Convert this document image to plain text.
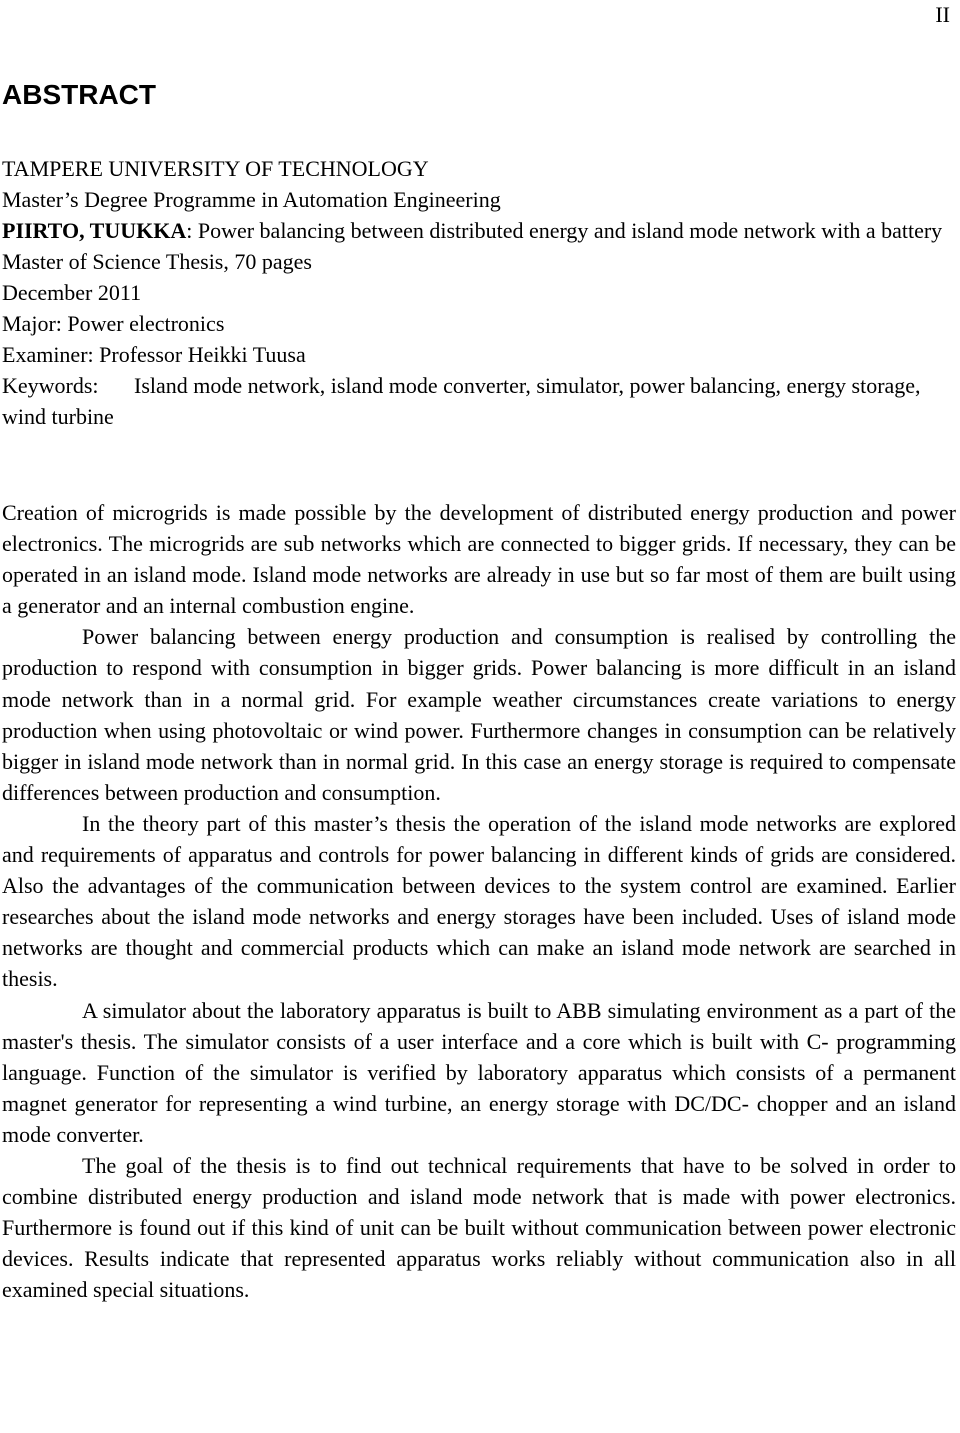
II
ABSTRACT
TAMPERE UNIVERSITY OF TECHNOLOGY
Master’s Degree Programme in Automation Engineering
PIIRTO, TUUKKA: Power balancing between distributed energy and island mode network with a battery
Master of Science Thesis, 70 pages
December 2011
Major: Power electronics
Examiner: Professor Heikki Tuusa
Keywords: Island mode network, island mode converter, simulator, power balancing, energy storage, wind turbine

Creation of microgrids is made possible by the development of distributed energy production and power electronics. The microgrids are sub networks which are connected to bigger grids. If necessary, they can be operated in an island mode. Island mode networks are already in use but so far most of them are built using a generator and an internal combustion engine.

Power balancing between energy production and consumption is realised by controlling the production to respond with consumption in bigger grids. Power balancing is more difficult in an island mode network than in a normal grid. For example weather circumstances create variations to energy production when using photovoltaic or wind power. Furthermore changes in consumption can be relatively bigger in island mode network than in normal grid. In this case an energy storage is required to compensate differences between production and consumption.

In the theory part of this master’s thesis the operation of the island mode networks are explored and requirements of apparatus and controls for power balancing in different kinds of grids are considered. Also the advantages of the communication between devices to the system control are examined. Earlier researches about the island mode networks and energy storages have been included. Uses of island mode networks are thought and commercial products which can make an island mode network are searched in thesis.

A simulator about the laboratory apparatus is built to ABB simulating environment as a part of the master's thesis. The simulator consists of a user interface and a core which is built with C- programming language. Function of the simulator is verified by laboratory apparatus which consists of a permanent magnet generator for representing a wind turbine, an energy storage with DC/DC- chopper and an island mode converter.

The goal of the thesis is to find out technical requirements that have to be solved in order to combine distributed energy production and island mode network that is made with power electronics. Furthermore is found out if this kind of unit can be built without communication between power electronic devices. Results indicate that represented apparatus works reliably without communication also in all examined special situations.
